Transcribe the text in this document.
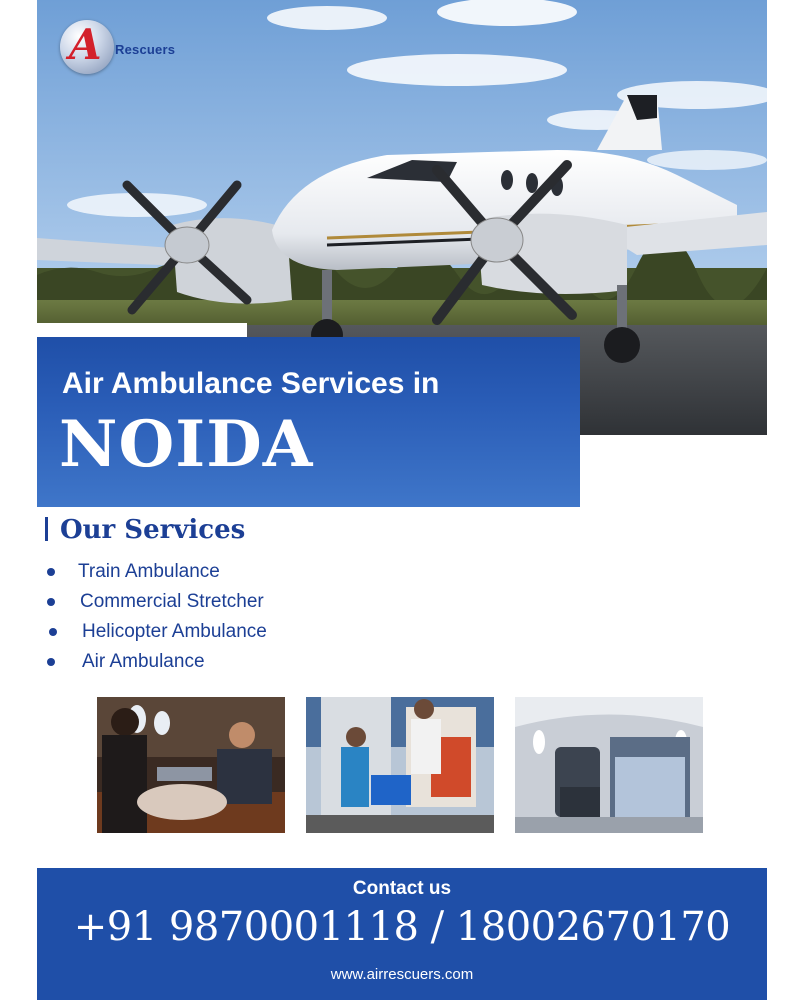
A Rescuers
Air Ambulance Services in
NOIDA
Our Services
Train Ambulance
Commercial Stretcher
Helicopter Ambulance
Air Ambulance
Contact us
+91 9870001118 / 18002670170
www.airrescuers.com
